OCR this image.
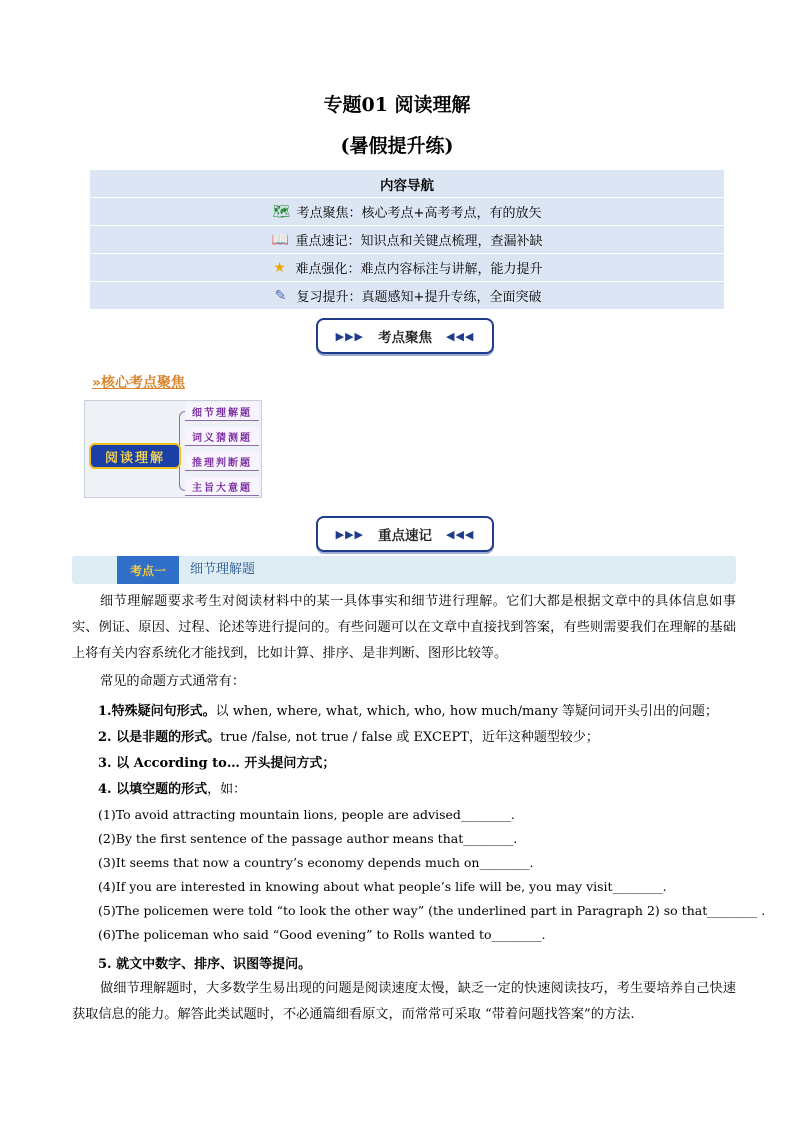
专题01 阅读理解
(暑假提升练)
内容导航
🗺 考点聚焦：核心考点+高考考点，有的放矢
📖 重点速记：知识点和关键点梳理，查漏补缺
★ 难点强化：难点内容标注与讲解，能力提升
✎ 复习提升：真题感知+提升专练，全面突破
▶▶▶ 考点聚焦 ◀◀◀
»核心考点聚焦
阅读理解
细节理解题
词义猜测题
推理判断题
主旨大意题
▶▶▶ 重点速记 ◀◀◀
考点一	细节理解题

细节理解题要求考生对阅读材料中的某一具体事实和细节进行理解。它们大都是根据文章中的具体信息如事实、例证、原因、过程、论述等进行提问的。有些问题可以在文章中直接找到答案，有些则需要我们在理解的基础上将有关内容系统化才能找到，比如计算、排序、是非判断、图形比较等。

常见的命题方式通常有：

1.特殊疑问句形式。以 when, where, what, which, who, how much/many 等疑问词开头引出的问题；
2. 以是非题的形式。true /false, not true / false 或 EXCEPT，近年这种题型较少；
3. 以 According to… 开头提问方式；
4. 以填空题的形式，如：
(1)To avoid attracting mountain lions, people are advised________.
(2)By the first sentence of the passage author means that________.
(3)It seems that now a country’s economy depends much on________.
(4)If you are interested in knowing about what people’s life will be, you may visit________.
(5)The policemen were told “to look the other way” (the underlined part in Paragraph 2) so that________ .
(6)The policeman who said “Good evening” to Rolls wanted to________.
5. 就文中数字、排序、识图等提问。

做细节理解题时，大多数学生易出现的问题是阅读速度太慢，缺乏一定的快速阅读技巧，考生要培养自己快速获取信息的能力。解答此类试题时，不必通篇细看原文，而常常可采取 “带着问题找答案”的方法.
